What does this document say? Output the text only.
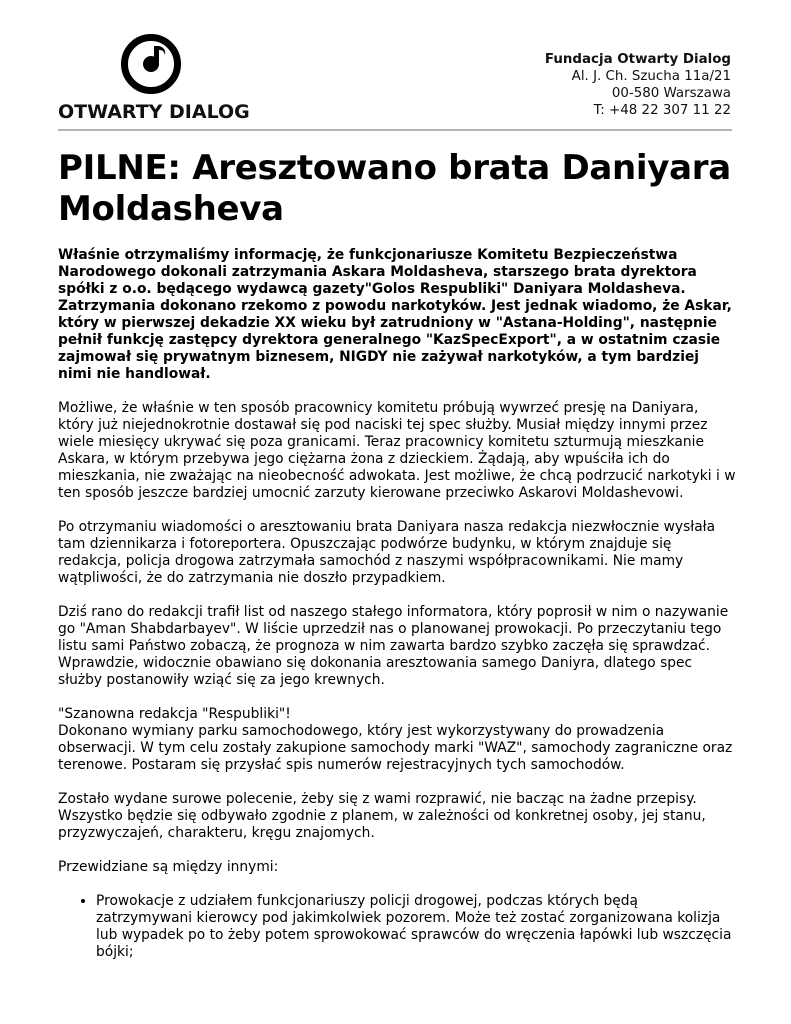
OTWARTY DIALOG
Fundacja Otwarty Dialog
Al. J. Ch. Szucha 11a/21
00-580 Warszawa
T: +48 22 307 11 22
PILNE: Aresztowano brata Daniyara Moldasheva

Właśnie otrzymaliśmy informację, że funkcjonariusze Komitetu Bezpieczeństwa Narodowego dokonali zatrzymania Askara Moldasheva, starszego brata dyrektora spółki z o.o. będącego wydawcą gazety"Golos Respubliki" Daniyara Moldasheva. Zatrzymania dokonano rzekomo z powodu narkotyków. Jest jednak wiadomo, że Askar, który w pierwszej dekadzie XX wieku był zatrudniony w "Astana-Holding", następnie pełnił funkcję zastępcy dyrektora generalnego "KazSpecExport", a w ostatnim czasie zajmował się prywatnym biznesem, NIGDY nie zażywał narkotyków, a tym bardziej nimi nie handlował.

Możliwe, że właśnie w ten sposób pracownicy komitetu próbują wywrzeć presję na Daniyara, który już niejednokrotnie dostawał się pod naciski tej spec służby. Musiał między innymi przez wiele miesięcy ukrywać się poza granicami. Teraz pracownicy komitetu szturmują mieszkanie Askara, w którym przebywa jego ciężarna żona z dzieckiem. Żądają, aby wpuściła ich do mieszkania, nie zważając na nieobecność adwokata. Jest możliwe, że chcą podrzucić narkotyki i w ten sposób jeszcze bardziej umocnić zarzuty kierowane przeciwko Askarovi Moldashevowi.

Po otrzymaniu wiadomości o aresztowaniu brata Daniyara nasza redakcja niezwłocznie wysłała tam dziennikarza i fotoreportera. Opuszczając podwórze budynku, w którym znajduje się redakcja, policja drogowa zatrzymała samochód z naszymi współpracownikami. Nie mamy wątpliwości, że do zatrzymania nie doszło przypadkiem.

Dziś rano do redakcji trafił list od naszego stałego informatora, który poprosił w nim o nazywanie go "Aman Shabdarbayev". W liście uprzedził nas o planowanej prowokacji. Po przeczytaniu tego listu sami Państwo zobaczą, że prognoza w nim zawarta bardzo szybko zaczęła się sprawdzać. Wprawdzie, widocznie obawiano się dokonania aresztowania samego Daniyra, dlatego spec służby postanowiły wziąć się za jego krewnych.

"Szanowna redakcja "Respubliki"!
Dokonano wymiany parku samochodowego, który jest wykorzystywany do prowadzenia obserwacji. W tym celu zostały zakupione samochody marki "WAZ", samochody zagraniczne oraz terenowe. Postaram się przysłać spis numerów rejestracyjnych tych samochodów.

Zostało wydane surowe polecenie, żeby się z wami rozprawić, nie bacząc na żadne przepisy. Wszystko będzie się odbywało zgodnie z planem, w zależności od konkretnej osoby, jej stanu, przyzwyczajeń, charakteru, kręgu znajomych.

Przewidziane są między innymi:

• Prowokacje z udziałem funkcjonariuszy policji drogowej, podczas których będą zatrzymywani kierowcy pod jakimkolwiek pozorem. Może też zostać zorganizowana kolizja lub wypadek po to żeby potem sprowokować sprawców do wręczenia łapówki lub wszczęcia bójki;
